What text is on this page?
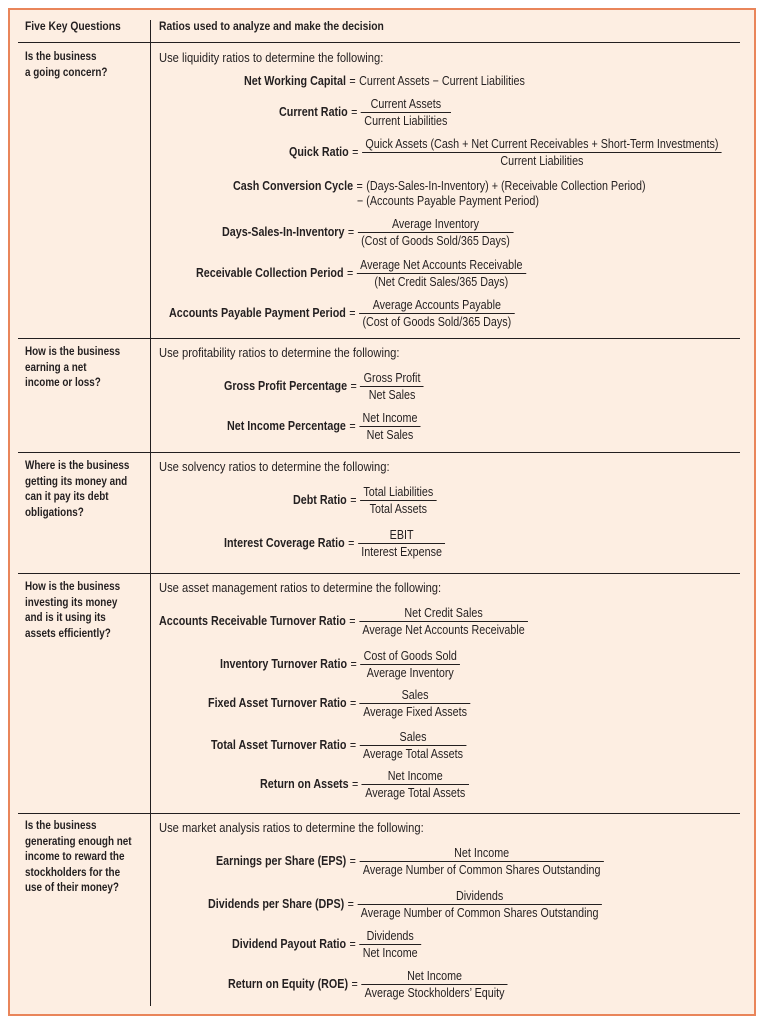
Five Key Questions	Ratios used to analyze and make the decision
Is the business
a going concern?
Use liquidity ratios to determine the following:
Net Working Capital = Current Assets − Current Liabilities
Current Ratio = $\frac{\text{Current Assets}}{\text{Current Liabilities}}$
Quick Ratio =
Quick Assets (Cash + Net Current Receivables + Short-Term Investments)
Current Liabilities
Cash Conversion Cycle = (Days-Sales-In-Inventory) + (Receivable Collection Period)
− (Accounts Payable Payment Period)
Days-Sales-In-Inventory = $\frac{\text{Average Inventory}}{\text{(Cost of Goods Sold/365 Days)}}$
Receivable Collection Period = $\frac{\text{Average Net Accounts Receivable}}{\text{(Net Credit Sales/365 Days)}}$
Accounts Payable Payment Period = $\frac{\text{Average Accounts Payable}}{\text{(Cost of Goods Sold/365 Days)}}$
How is the business
earning a net
income or loss?
Use profitability ratios to determine the following:
Gross Profit Percentage = $\frac{\text{Gross Profit}}{\text{Net Sales}}$
Net Income Percentage = $\frac{\text{Net Income}}{\text{Net Sales}}$
Where is the business
getting its money and
can it pay its debt
obligations?
Use solvency ratios to determine the following:
Debt Ratio = $\frac{\text{Total Liabilities}}{\text{Total Assets}}$
Interest Coverage Ratio = $\frac{\text{EBIT}}{\text{Interest Expense}}$
How is the business
investing its money
and is it using its
assets efficiently?
Use asset management ratios to determine the following:
Accounts Receivable Turnover Ratio = $\frac{\text{Net Credit Sales}}{\text{Average Net Accounts Receivable}}$
Inventory Turnover Ratio = $\frac{\text{Cost of Goods Sold}}{\text{Average Inventory}}$
Fixed Asset Turnover Ratio = $\frac{\text{Sales}}{\text{Average Fixed Assets}}$
Total Asset Turnover Ratio = $\frac{\text{Sales}}{\text{Average Total Assets}}$
Return on Assets = $\frac{\text{Net Income}}{\text{Average Total Assets}}$
Is the business
generating enough net
income to reward the
stockholders for the
use of their money?
Use market analysis ratios to determine the following:
Earnings per Share $(EPS) = \frac{\text{Net Income}}{\text{Average Number of Common Shares Outstanding}}$
Dividends per Share $(DPS) = \frac{\text{Dividends}}{\text{Average Number of Common Shares Outstanding}}$
Dividend Payout Ratio = $\frac{\text{Dividends}}{\text{Net Income}}$
Return on Equity $(ROE) = \frac{\text{Net Income}}{\text{Average Stockholders’ Equity}}$
